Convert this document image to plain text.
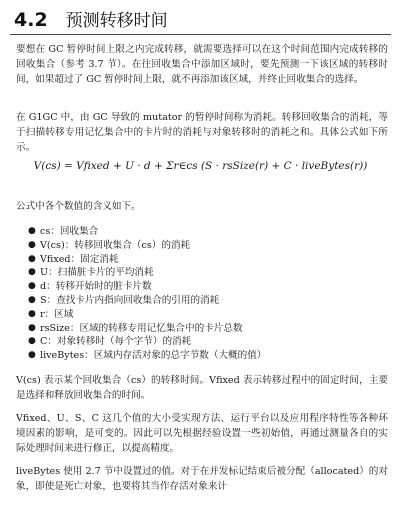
4.2 预测转移时间

要想在 GC 暂停时间上限之内完成转移，就需要选择可以在这个时间范围内完成转移的回收集合（参考 3.7 节）。在往回收集合中添加区域时，要先预测一下该区域的转移时间，如果超过了 GC 暂停时间上限，就不再添加该区域，并终止回收集合的选择。

在 G1GC 中，由 GC 导致的 mutator 的暂停时间称为消耗。转移回收集合的消耗，等于扫描转移专用记忆集合中的卡片时的消耗与对象转移时的消耗之和。具体公式如下所示。

V(cs) = Vfixed + U · d + Σr∈cs (S · rsSize(r) + C · liveBytes(r))

公式中各个数值的含义如下。

● cs：回收集合
● V(cs)：转移回收集合（cs）的消耗
● Vfixed：固定消耗
● U：扫描脏卡片的平均消耗
● d：转移开始时的脏卡片数
● S：查找卡片内指向回收集合的引用的消耗
● r：区域
● rsSize：区域的转移专用记忆集合中的卡片总数
● C：对象转移时（每个字节）的消耗
● liveBytes：区域内存活对象的总字节数（大概的值）

V(cs) 表示某个回收集合（cs）的转移时间。Vfixed 表示转移过程中的固定时间，主要是选择和释放回收集合的时间。

Vfixed、U、S、C 这几个值的大小受实现方法、运行平台以及应用程序特性等各种环境因素的影响，是可变的。因此可以先根据经验设置一些初始值，再通过测量各自的实际处理时间来进行修正，以提高精度。

liveBytes 使用 2.7 节中设置过的值。对于在并发标记结束后被分配（allocated）的对象，即使是死亡对象，也要将其当作存活对象来计
